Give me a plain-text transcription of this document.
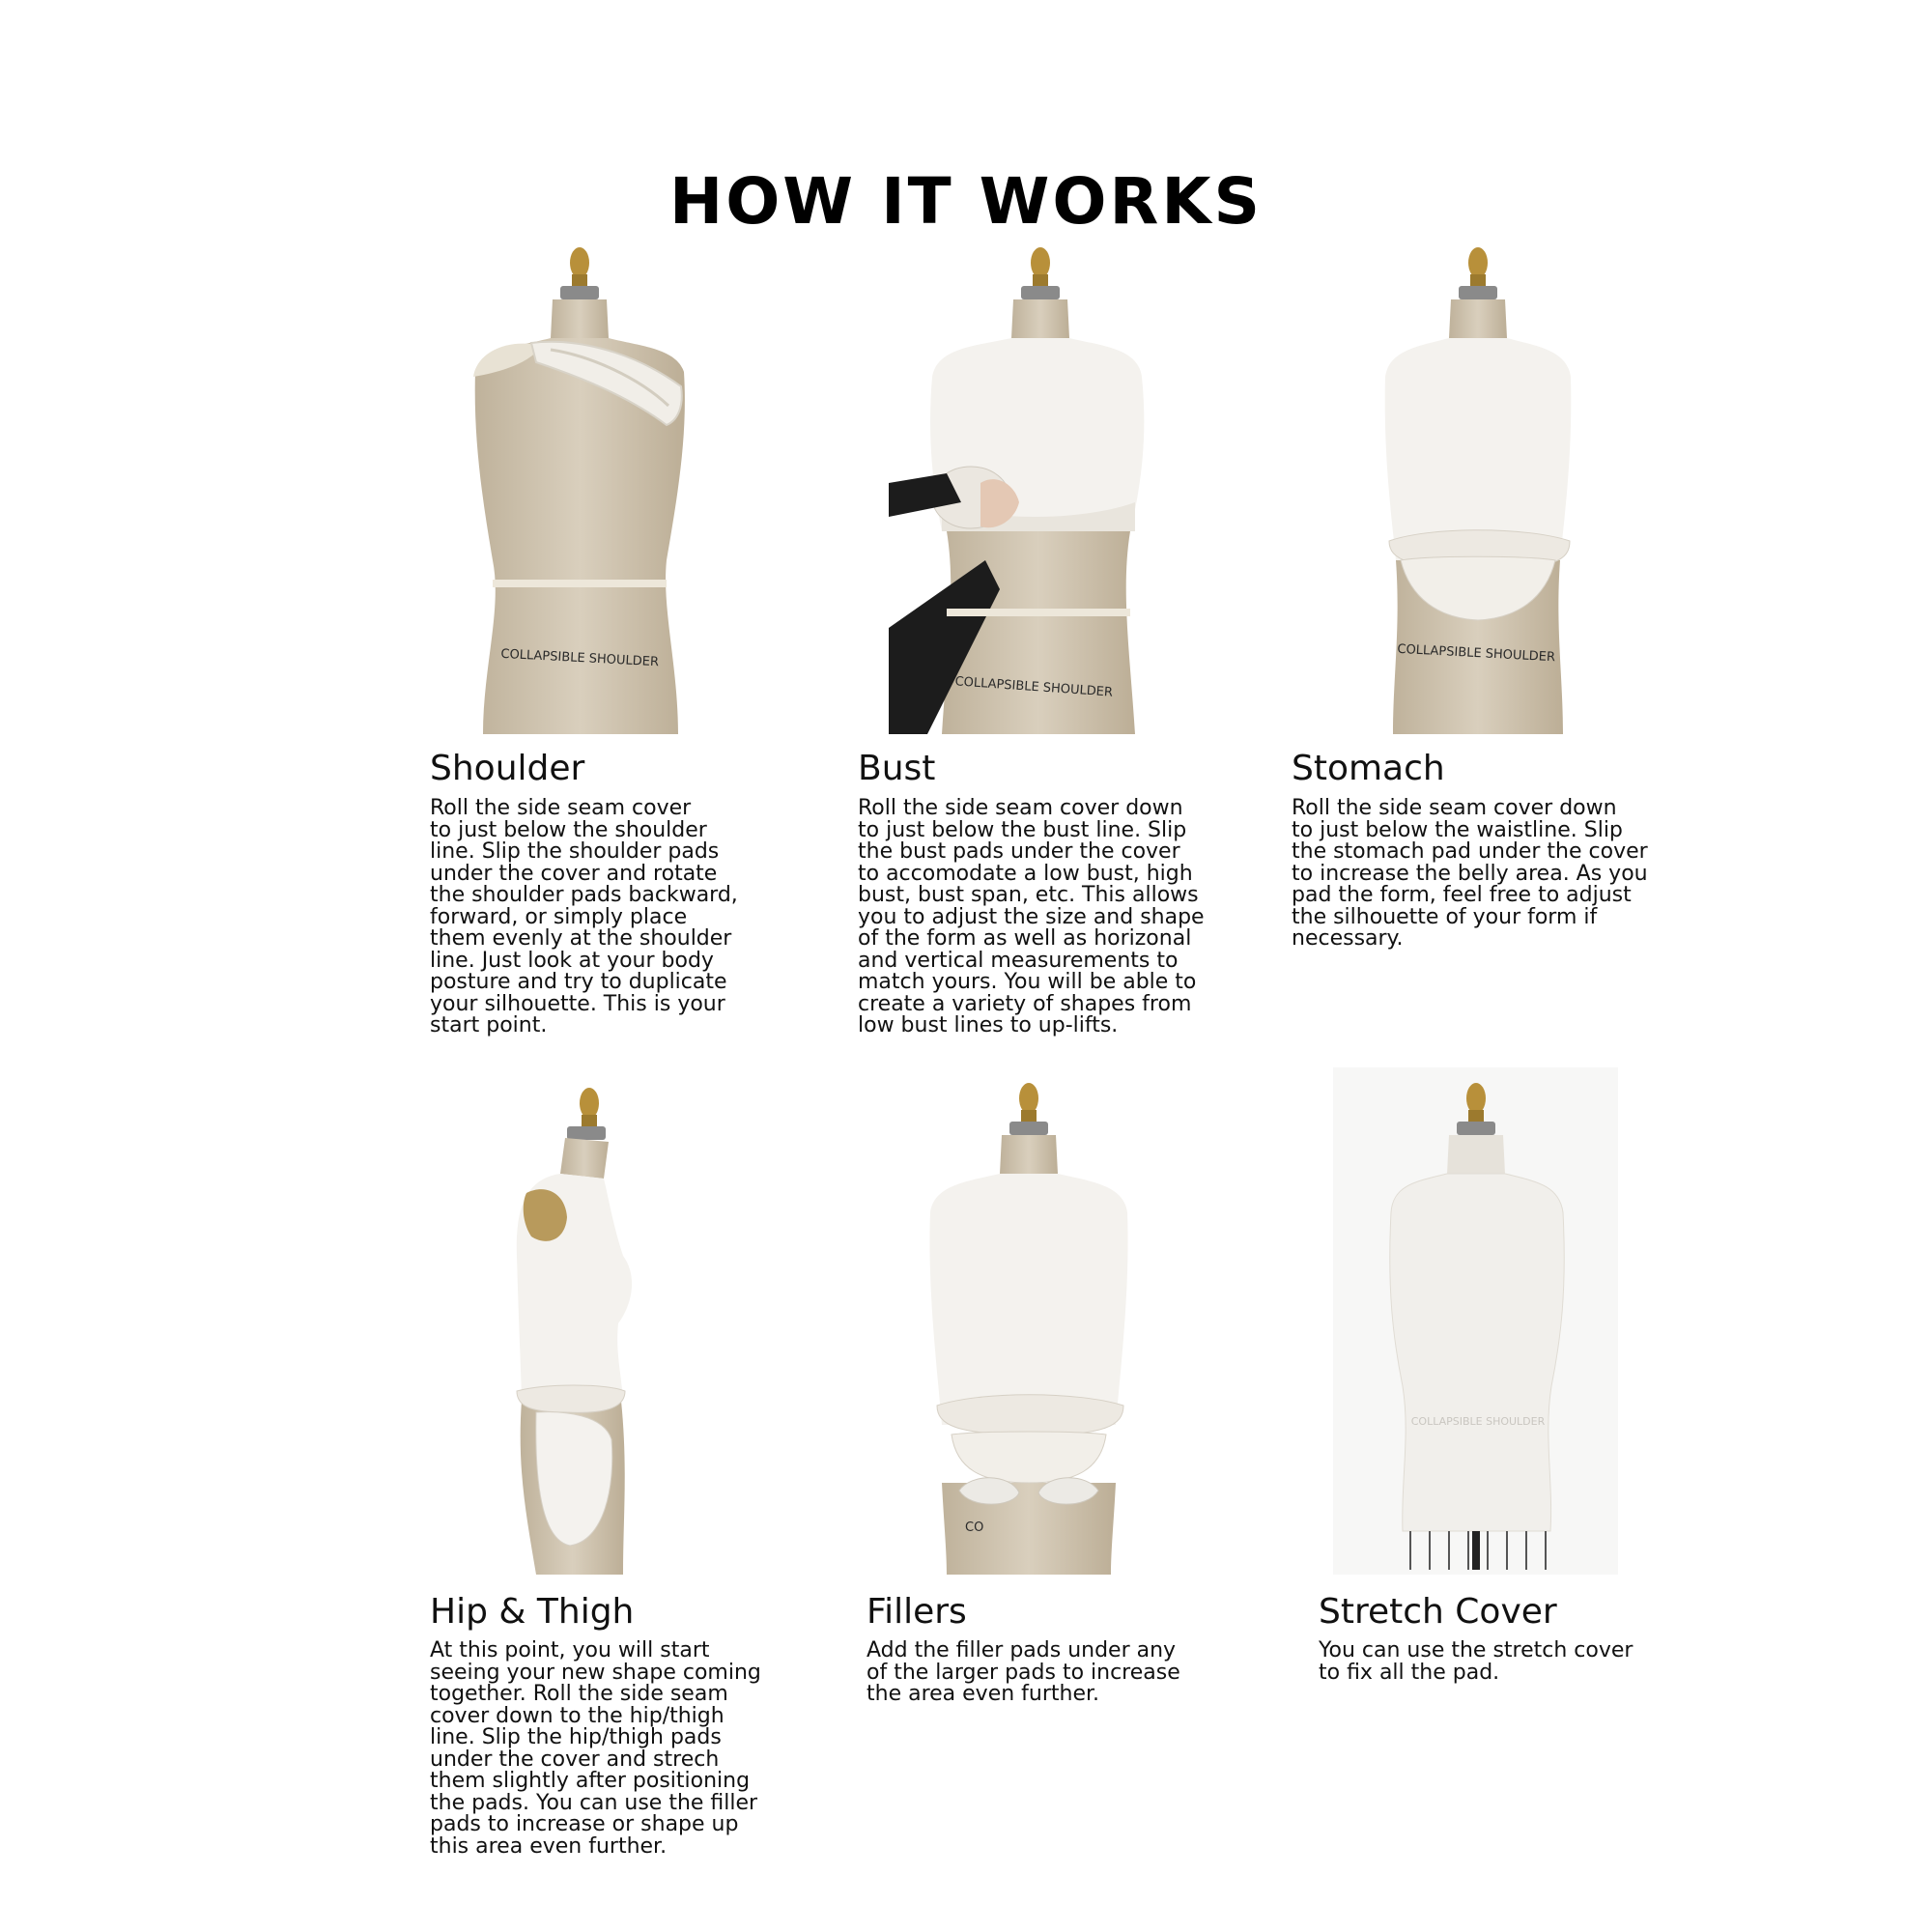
HOW IT WORKS
COLLAPSIBLE SHOULDER
Shoulder

Roll the side seam cover
to just below the shoulder
line. Slip the shoulder pads
under the cover and rotate
the shoulder pads backward,
forward, or simply place
them evenly at the shoulder
line. Just look at your body
posture and try to duplicate
your silhouette. This is your
start point.

COLLAPSIBLE SHOULDER
Bust

Roll the side seam cover down
to just below the bust line. Slip
the bust pads under the cover
to accomodate a low bust, high
bust, bust span, etc. This allows
you to adjust the size and shape
of the form as well as horizonal
and vertical measurements to
match yours. You will be able to
create a variety of shapes from
low bust lines to up-lifts.

COLLAPSIBLE SHOULDER
Stomach

Roll the side seam cover down
to just below the waistline. Slip
the stomach pad under the cover
to increase the belly area. As you
pad the form, feel free to adjust
the silhouette of your form if
necessary.

Hip & Thigh

At this point, you will start
seeing your new shape coming
together. Roll the side seam
cover down to the hip/thigh
line. Slip the hip/thigh pads
under the cover and strech
them slightly after positioning
the pads. You can use the filler
pads to increase or shape up
this area even further.

CO
Fillers

Add the filler pads under any
of the larger pads to increase
the area even further.

COLLAPSIBLE SHOULDER
Stretch Cover

You can use the stretch cover
to fix all the pad.
